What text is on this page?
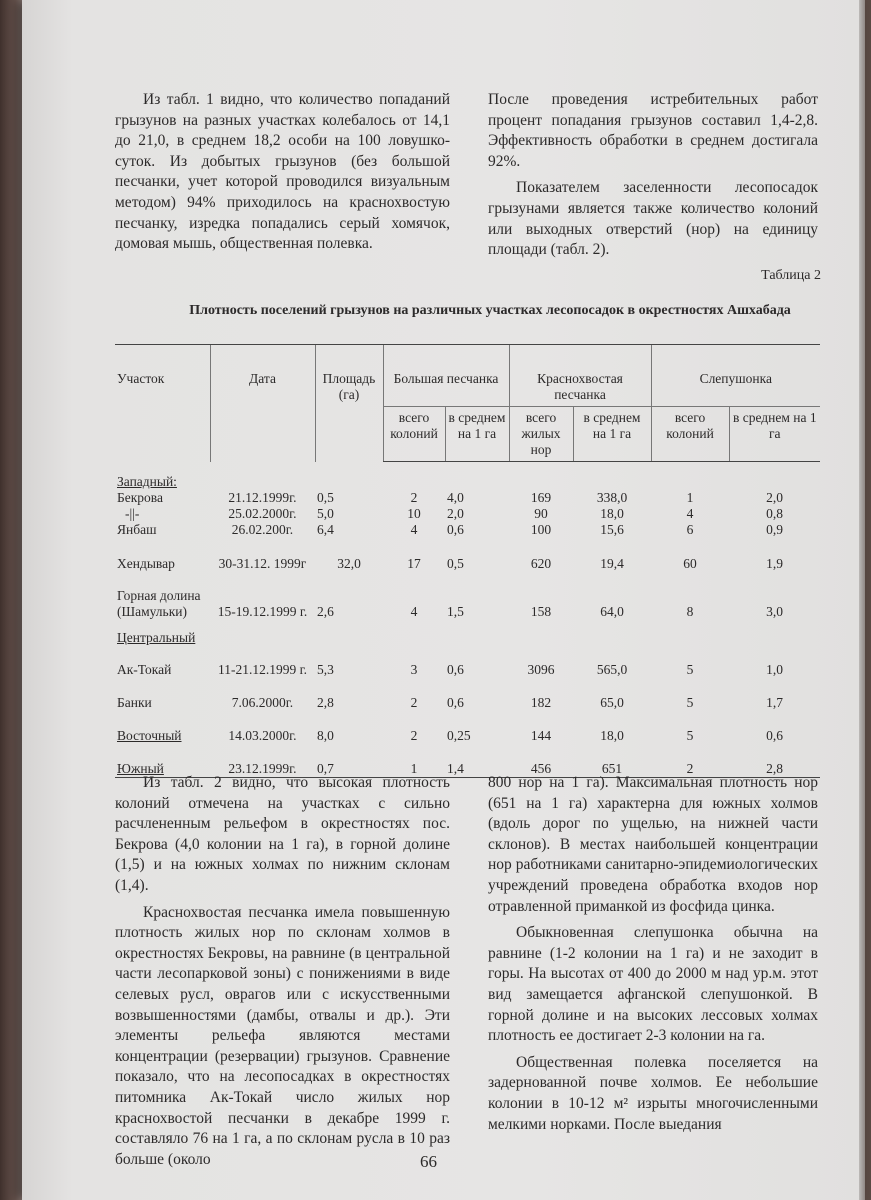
Из табл. 1 видно, что количество попаданий грызунов на разных участках колебалось от 14,1 до 21,0, в среднем 18,2 особи на 100 ловушко-суток. Из добытых грызунов (без большой песчанки, учет которой проводился визуальным методом) 94% приходилось на краснохвостую песчанку, изредка попадались серый хомячок, домовая мышь, общественная полевка.

После проведения истребительных работ процент попадания грызунов составил 1,4-2,8. Эффективность обработки в среднем достигала 92%.

Показателем заселенности лесопосадок грызунами является также количество колоний или выходных отверстий (нор) на единицу площади (табл. 2).

Таблица 2
Плотность поселений грызунов на различных участках лесопосадок в окрестностях Ашхабада
Участок	Дата	Площадь (га)	Большая песчанка		Краснохвостая песчанка		Слепушонка	
			всего колоний	в среднем на 1 га	всего жилых нор	в среднем на 1 га	всего колоний	в среднем на 1 га

Западный:								
Бекрова	21.12.1999г.	0,5	2	4,0	169	338,0	1	2,0
-||-	25.02.2000г.	5,0	10	2,0	90	18,0	4	0,8
Янбаш	26.02.200г.	6,4	4	0,6	100	15,6	6	0,9

Хендывар	30-31.12. 1999г	32,0	17	0,5	620	19,4	60	1,9

Горная долина								
(Шамульки)	15-19.12.1999 г.	2,6	4	1,5	158	64,0	8	3,0

Центральный								

Ак-Токай	11-21.12.1999 г.	5,3	3	0,6	3096	565,0	5	1,0

Банки	7.06.2000г.	2,8	2	0,6	182	65,0	5	1,7

Восточный	14.03.2000г.	8,0	2	0,25	144	18,0	5	0,6

Южный	23.12.1999г.	0,7	1	1,4	456	651	2	2,8

Из табл. 2 видно, что высокая плотность колоний отмечена на участках с сильно расчлененным рельефом в окрестностях пос. Бекрова (4,0 колонии на 1 га), в горной долине (1,5) и на южных холмах по нижним склонам (1,4).

Краснохвостая песчанка имела повышенную плотность жилых нор по склонам холмов в окрестностях Бекровы, на равнине (в центральной части лесопарковой зоны) с понижениями в виде селевых русл, оврагов или с искусственными возвышенностями (дамбы, отвалы и др.). Эти элементы рельефа являются местами концентрации (резервации) грызунов. Сравнение показало, что на лесопосадках в окрестностях питомника Ак-Токай число жилых нор краснохвостой песчанки в декабре 1999 г. составляло 76 на 1 га, а по склонам русла в 10 раз больше (около

800 нор на 1 га). Максимальная плотность нор (651 на 1 га) характерна для южных холмов (вдоль дорог по ущелью, на нижней части склонов). В местах наибольшей концентрации нор работниками санитарно-эпидемиологических учреждений проведена обработка входов нор отравленной приманкой из фосфида цинка.

Обыкновенная слепушонка обычна на равнине (1-2 колонии на 1 га) и не заходит в горы. На высотах от 400 до 2000 м над ур.м. этот вид замещается афганской слепушонкой. В горной долине и на высоких лессовых холмах плотность ее достигает 2-3 колонии на га.

Общественная полевка поселяется на задернованной почве холмов. Ее небольшие колонии в 10-12 м² изрыты многочисленными мелкими норками. После выедания

66
